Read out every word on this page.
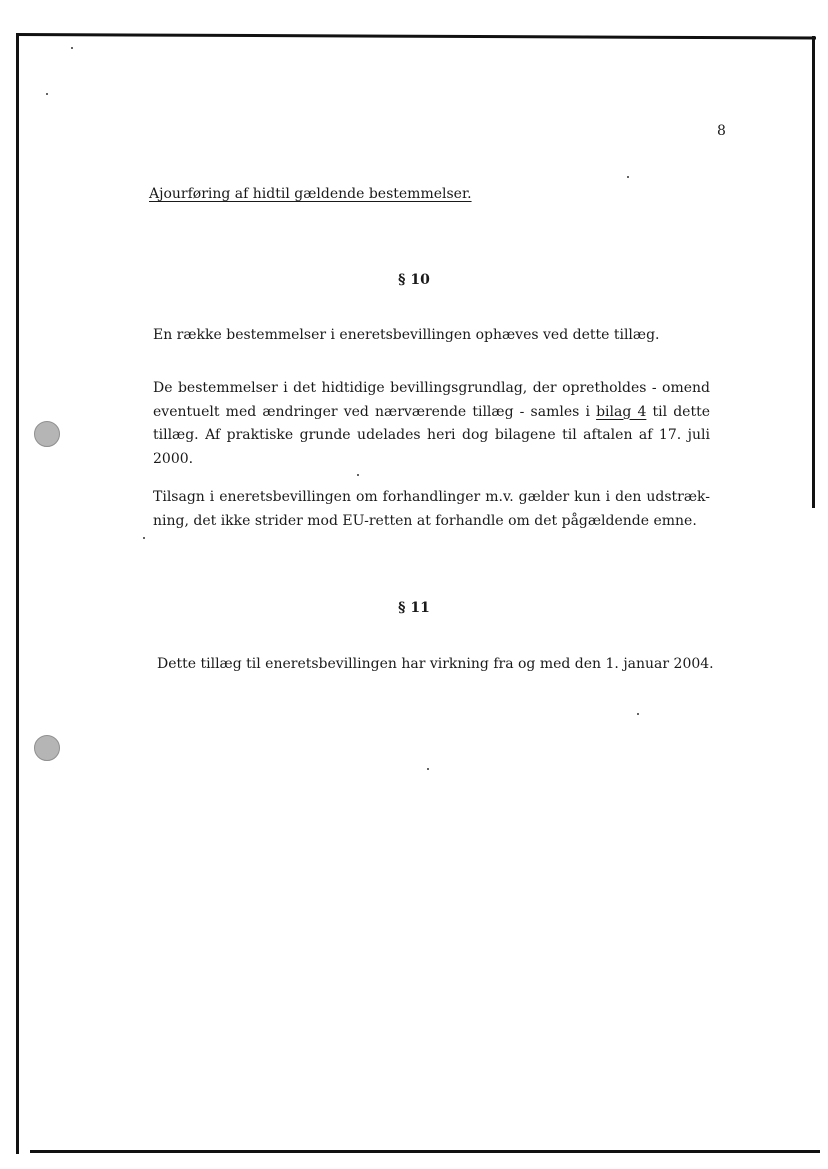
8
Ajourføring af hidtil gældende bestemmelser.
§ 10
En række bestemmelser i eneretsbevillingen ophæves ved dette tillæg.
De bestemmelser i det hidtidige bevillingsgrundlag, der opretholdes - omend eventuelt med ændringer ved nærværende tillæg - samles i bilag 4 til dette tillæg. Af praktiske grunde udelades heri dog bilagene til aftalen af 17. juli 2000.
Tilsagn i eneretsbevillingen om forhandlinger m.v. gælder kun i den udstræk-ning, det ikke strider mod EU-retten at forhandle om det pågældende emne.
§ 11
Dette tillæg til eneretsbevillingen har virkning fra og med den 1. januar 2004.
